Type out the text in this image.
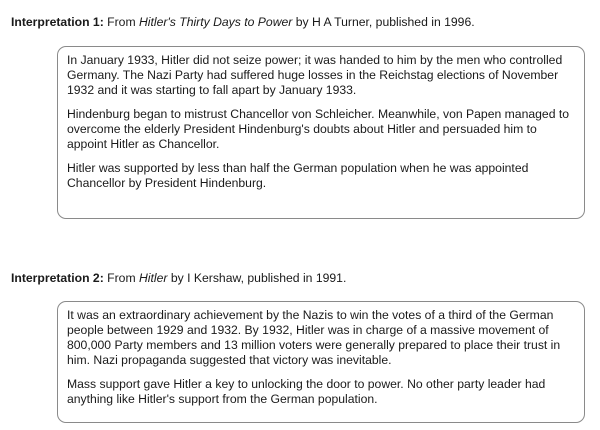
Interpretation 1: From Hitler's Thirty Days to Power by H A Turner, published in 1996.

In January 1933, Hitler did not seize power; it was handed to him by the men who controlled Germany. The Nazi Party had suffered huge losses in the Reichstag elections of November 1932 and it was starting to fall apart by January 1933.

Hindenburg began to mistrust Chancellor von Schleicher. Meanwhile, von Papen managed to overcome the elderly President Hindenburg's doubts about Hitler and persuaded him to appoint Hitler as Chancellor.

Hitler was supported by less than half the German population when he was appointed Chancellor by President Hindenburg.

Interpretation 2: From Hitler by I Kershaw, published in 1991.

It was an extraordinary achievement by the Nazis to win the votes of a third of the German people between 1929 and 1932. By 1932, Hitler was in charge of a massive movement of 800,000 Party members and 13 million voters were generally prepared to place their trust in him. Nazi propaganda suggested that victory was inevitable.

Mass support gave Hitler a key to unlocking the door to power. No other party leader had anything like Hitler's support from the German population.
